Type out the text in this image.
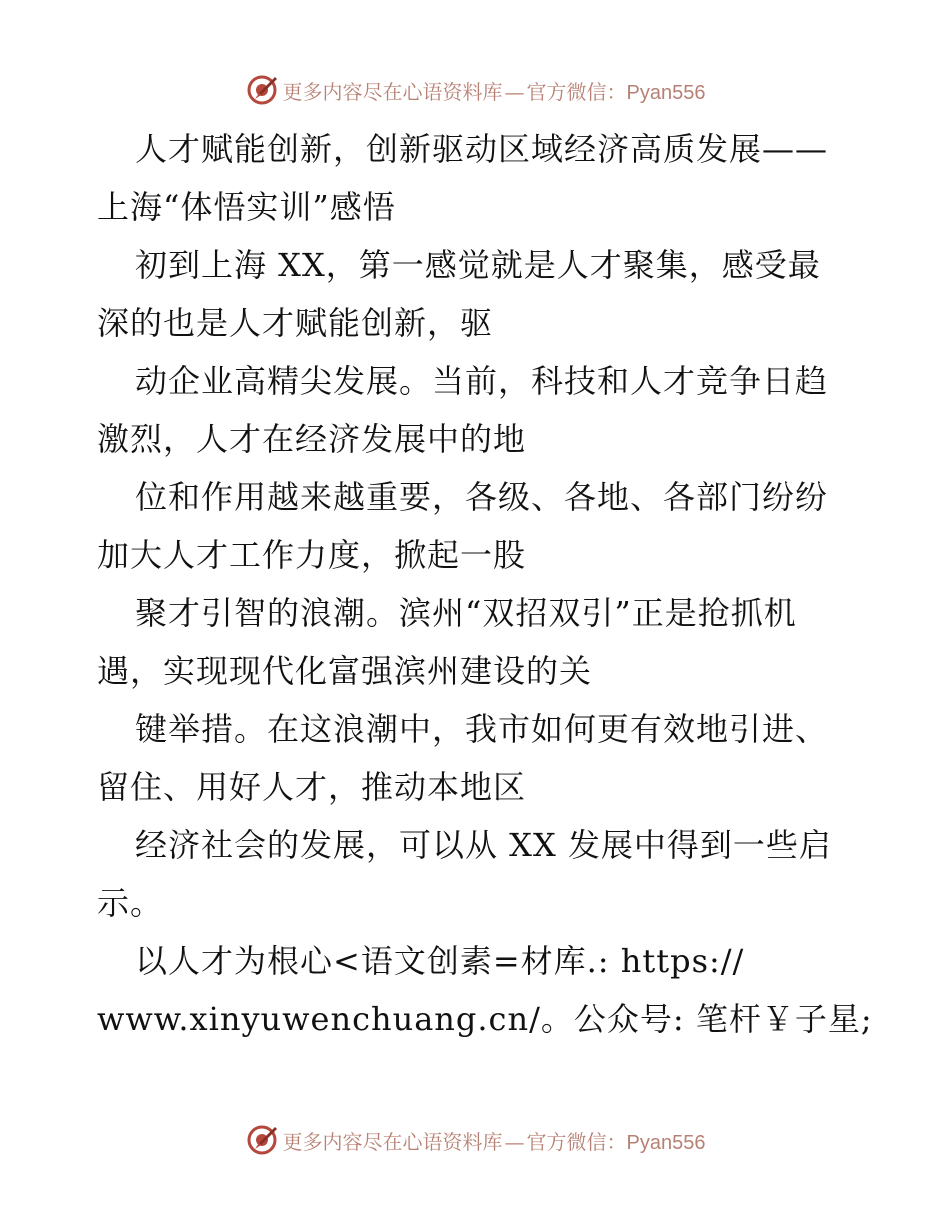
更多内容尽在心语资料库 — 官方微信：Pyan556
人才赋能创新，创新驱动区域经济高质发展——
上海“体悟实训”感悟
初到上海 XX，第一感觉就是人才聚集，感受最
深的也是人才赋能创新，驱
动企业高精尖发展。当前，科技和人才竞争日趋
激烈，人才在经济发展中的地
位和作用越来越重要，各级、各地、各部门纷纷
加大人才工作力度，掀起一股
聚才引智的浪潮。滨州“双招双引”正是抢抓机
遇，实现现代化富强滨州建设的关
键举措。在这浪潮中，我市如何更有效地引进、
留住、用好人才，推动本地区
经济社会的发展，可以从 XX 发展中得到一些启
示。
以人才为根心<语文创素=材库.: https://
www.xinyuwenchuang.cn/。公众号: 笔杆￥子星;
更多内容尽在心语资料库 — 官方微信：Pyan556
